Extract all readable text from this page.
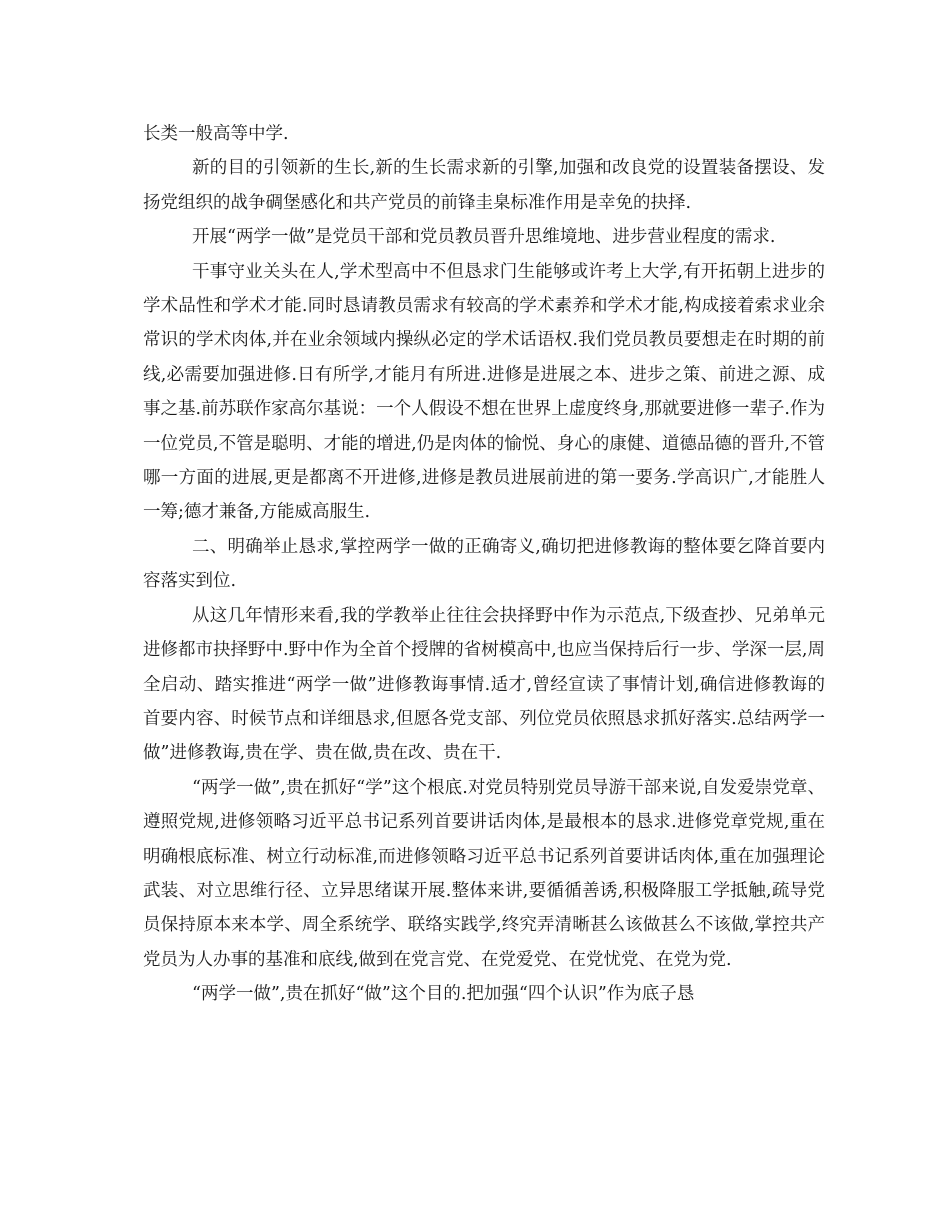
长类一般高等中学.

新的目的引领新的生长,新的生长需求新的引擎,加强和改良党的设置装备摆设、发扬党组织的战争碉堡感化和共产党员的前锋圭臬标准作用是幸免的抉择.

开展“两学一做”是党员干部和党员教员晋升思维境地、进步营业程度的需求.

干事守业关头在人,学术型高中不但恳求门生能够或许考上大学,有开拓朝上进步的学术品性和学术才能.同时恳请教员需求有较高的学术素养和学术才能,构成接着索求业余常识的学术肉体,并在业余领域内操纵必定的学术话语权.我们党员教员要想走在时期的前线,必需要加强进修.日有所学,才能月有所进.进修是进展之本、进步之策、前进之源、成事之基.前苏联作家高尔基说：一个人假设不想在世界上虚度终身,那就要进修一辈子.作为一位党员,不管是聪明、才能的增进,仍是肉体的愉悦、身心的康健、道德品德的晋升,不管哪一方面的进展,更是都离不开进修,进修是教员进展前进的第一要务.学高识广,才能胜人一筹;德才兼备,方能威高服生.

二、明确举止恳求,掌控两学一做的正确寄义,确切把进修教诲的整体要乞降首要内容落实到位.

从这几年情形来看,我的学教举止往往会抉择野中作为示范点,下级查抄、兄弟单元进修都市抉择野中.野中作为全首个授牌的省树模高中,也应当保持后行一步、学深一层,周全启动、踏实推进“两学一做”进修教诲事情.适才,曾经宣读了事情计划,确信进修教诲的首要内容、时候节点和详细恳求,但愿各党支部、列位党员依照恳求抓好落实.总结两学一做”进修教诲,贵在学、贵在做,贵在改、贵在干.

“两学一做”,贵在抓好“学”这个根底.对党员特别党员导游干部来说,自发爱崇党章、遵照党规,进修领略习近平总书记系列首要讲话肉体,是最根本的恳求.进修党章党规,重在明确根底标准、树立行动标准,而进修领略习近平总书记系列首要讲话肉体,重在加强理论武装、对立思维行径、立异思绪谋开展.整体来讲,要循循善诱,积极降服工学抵触,疏导党员保持原本来本学、周全系统学、联络实践学,终究弄清晰甚么该做甚么不该做,掌控共产党员为人办事的基准和底线,做到在党言党、在党爱党、在党忧党、在党为党.

“两学一做”,贵在抓好“做”这个目的.把加强“四个认识”作为底子恳
